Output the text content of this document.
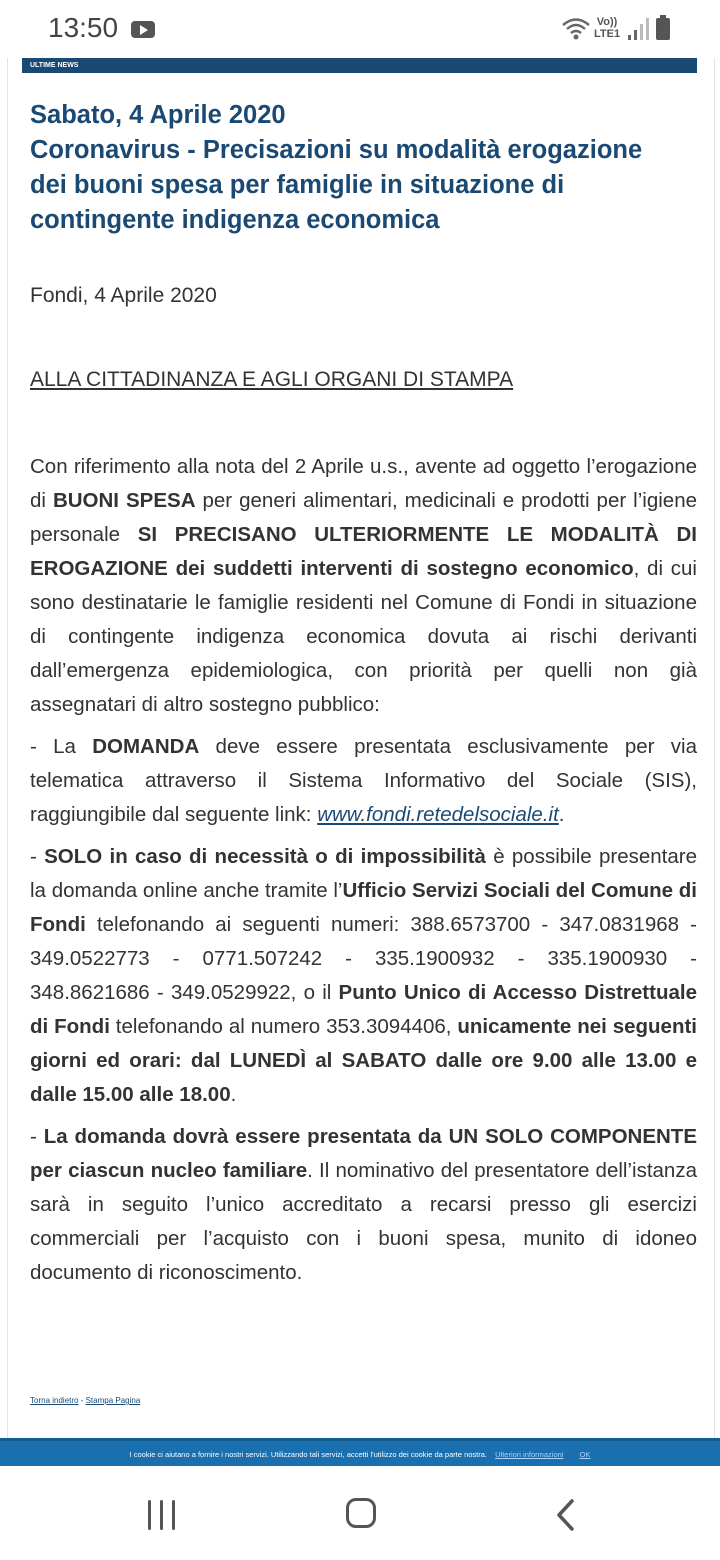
13:50	Vo))
LTE1
ULTIME NEWS
Sabato, 4 Aprile 2020
Coronavirus - Precisazioni su modalità erogazione
dei buoni spesa per famiglie in situazione di
contingente indigenza economica
Fondi, 4 Aprile 2020
ALLA CITTADINANZA E AGLI ORGANI DI STAMPA

Con riferimento alla nota del 2 Aprile u.s., avente ad oggetto l’erogazione di BUONI SPESA per generi alimentari, medicinali e prodotti per l’igiene personale SI PRECISANO ULTERIORMENTE LE MODALITÀ DI EROGAZIONE dei suddetti interventi di sostegno economico, di cui sono destinatarie le famiglie residenti nel Comune di Fondi in situazione di contingente indigenza economica dovuta ai rischi derivanti dall’emergenza epidemiologica, con priorità per quelli non già assegnatari di altro sostegno pubblico:

- La DOMANDA deve essere presentata esclusivamente per via telematica attraverso il Sistema Informativo del Sociale (SIS), raggiungibile dal seguente link: www.fondi.retedelsociale.it.

- SOLO in caso di necessità o di impossibilità è possibile presentare la domanda online anche tramite l’Ufficio Servizi Sociali del Comune di Fondi telefonando ai seguenti numeri: 388.6573700 - 347.0831968 - 349.0522773 - 0771.507242 - 335.1900932 - 335.1900930 - 348.8621686 - 349.0529922, o il Punto Unico di Accesso Distrettuale di Fondi telefonando al numero 353.3094406, unicamente nei seguenti giorni ed orari: dal LUNEDÌ al SABATO dalle ore 9.00 alle 13.00 e dalle 15.00 alle 18.00.

- La domanda dovrà essere presentata da UN SOLO COMPONENTE per ciascun nucleo familiare. Il nominativo del presentatore dell’istanza sarà in seguito l’unico accreditato a recarsi presso gli esercizi commerciali per l’acquisto con i buoni spesa, munito di idoneo documento di riconoscimento.

Torna indietro - Stampa Pagina
I cookie ci aiutano a fornire i nostri servizi. Utilizzando tali servizi, accetti l'utilizzo dei cookie da parte nostra. Ulteriori informazioni OK
